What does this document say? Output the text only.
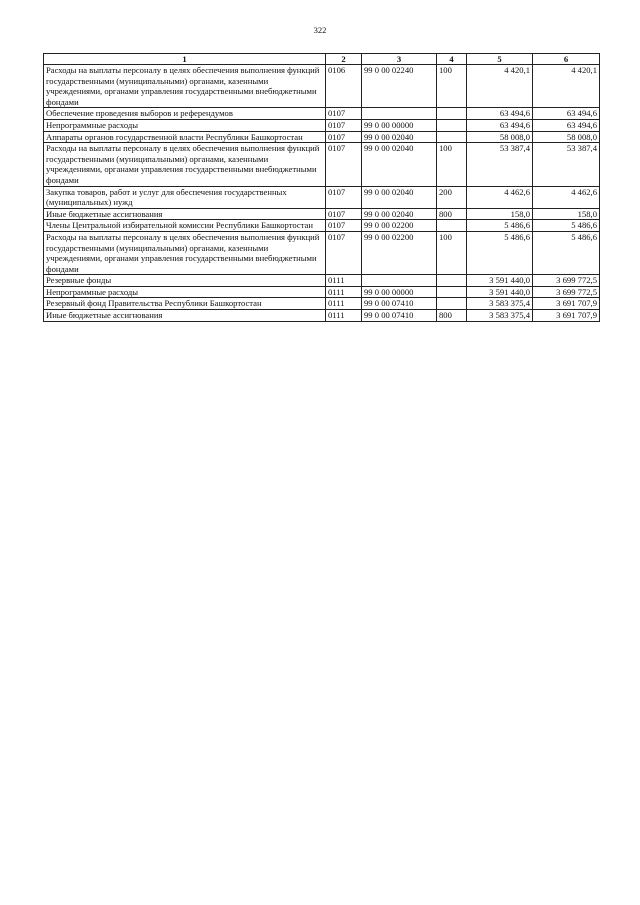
322
1	2	3	4	5	6
Расходы на выплаты персоналу в целях обеспечения выполнения функций государственными (муниципальными) органами, казенными учреждениями, органами управления государственными внебюджетными фондами	0106	99 0 00 02240	100	4 420,1	4 420,1
Обеспечение проведения выборов и референдумов	0107			63 494,6	63 494,6
Непрограммные расходы	0107	99 0 00 00000		63 494,6	63 494,6
Аппараты органов государственной власти Республики Башкортостан	0107	99 0 00 02040		58 008,0	58 008,0
Расходы на выплаты персоналу в целях обеспечения выполнения функций государственными (муниципальными) органами, казенными учреждениями, органами управления государственными внебюджетными фондами	0107	99 0 00 02040	100	53 387,4	53 387,4
Закупка товаров, работ и услуг для обеспечения государственных (муниципальных) нужд	0107	99 0 00 02040	200	4 462,6	4 462,6
Иные бюджетные ассигнования	0107	99 0 00 02040	800	158,0	158,0
Члены Центральной избирательной комиссии Республики Башкортостан	0107	99 0 00 02200		5 486,6	5 486,6
Расходы на выплаты персоналу в целях обеспечения выполнения функций государственными (муниципальными) органами, казенными учреждениями, органами управления государственными внебюджетными фондами	0107	99 0 00 02200	100	5 486,6	5 486,6
Резервные фонды	0111			3 591 440,0	3 699 772,5
Непрограммные расходы	0111	99 0 00 00000		3 591 440,0	3 699 772,5
Резервный фонд Правительства Республики Башкортостан	0111	99 0 00 07410		3 583 375,4	3 691 707,9
Иные бюджетные ассигнования	0111	99 0 00 07410	800	3 583 375,4	3 691 707,9
